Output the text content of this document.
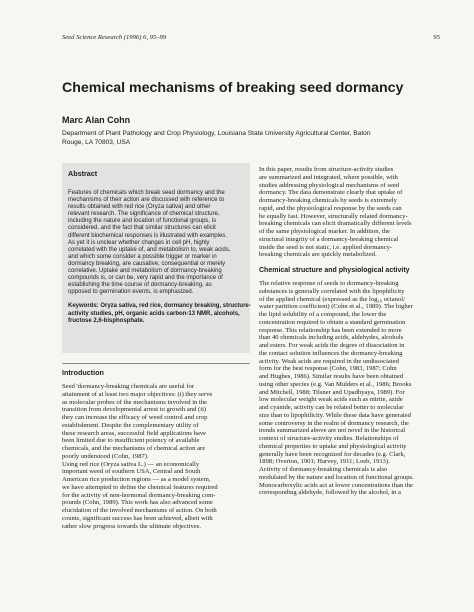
Seed Science Research (1996) 6, 95–99	95
Chemical mechanisms of breaking seed dormancy
Marc Alan Cohn
Department of Plant Pathology and Crop Physiology, Louisiana State University Agricultural Center, Baton
Rouge, LA 70803, USA
Abstract
Features of chemicals which break seed dormancy and the
mechanisms of their action are discussed with reference to
results obtained with red rice (Oryza sativa) and other
relevant research. The significance of chemical structure,
including the nature and location of functional groups, is
considered, and the fact that similar structures can elicit
different biochemical responses is illustrated with examples.
As yet it is unclear whether changes in cell pH, highly
correlated with the uptake of, and metabolism to, weak acids,
and which some consider a possible trigger or marker in
dormancy breaking, are causative, consequential or merely
correlative. Uptake and metabolism of dormancy-breaking
compounds is, or can be, very rapid and the importance of
establishing the time course of dormancy-breaking, as
opposed to germination events, is emphasized.
Keywords: Oryza sativa, red rice, dormancy breaking, structure-
activity studies, pH, organic acids carbon-13 NMR, alcohols,
fructose 2,6-bisphosphate.
Introduction
Seed 'dormancy-breaking chemicals are useful for
attainment of at least two major objectives: (i) they serve
as molecular probes of the mechanisms involved in the
transition from developmental arrest to growth and (ii)
they can increase the efficacy of weed control and crop
establishment. Despite the complementary utility of
these research areas, successful field applications have
been limited due to insufficient potency of available
chemicals, and the mechanisms of chemical action are
poorly understood (Cohn, 1987).
Using red rice (Oryza sativa L.) — an economically
important weed of southern USA, Central and South
American rice production regions — as a model system,
we have attempted to define the chemical features required
for the activity of non-hormonal dormancy-breaking com-
pounds (Cohn, 1989). This work has also advanced some
elucidation of the involved mechanisms of action. On both
counts, significant success has been achieved, albeit with
rather slow progress towards the ultimate objectives.
In this paper, results from structure-activity studies
are summarized and integrated, where possible, with
studies addressing physiological mechanisms of seed
dormancy. The data demonstrate clearly that uptake of
dormancy-breaking chemicals by seeds is extremely
rapid, and the physiological response by the seeds can
be equally fast. However, structurally related dormancy-
breaking chemicals can elicit dramatically different levels
of the same physiological marker. In addition, the
structural integrity of a dormancy-breaking chemical
inside the seed is not static, i.e. applied dormancy-
breaking chemicals are quickly metabolized.
Chemical structure and physiological activity
The relative response of seeds to dormancy-breaking
substances is generally correlated with the lipophilicity
of the applied chemical (expressed as the log₁₀ octanol/
water partition coefficient) (Cohn et al., 1989). The higher
the lipid solubility of a compound, the lower the
concentration required to obtain a standard germination
response. This relationship has been extended to more
than 40 chemicals including acids, aldehydes, alcohols
and esters. For weak acids the degree of dissociation in
the contact solution influences the dormancy-breaking
activity. Weak acids are required in the undissociated
form for the best response (Cohn, 1983, 1987; Cohn
and Hughes, 1986). Similar results have been obtained
using other species (e.g. Van Mulders et al., 1986; Brooks
and Mitchell, 1988; Tilsner and Upadhyaya, 1989). For
low molecular weight weak acids such as nitrite, azide
and cyanide, activity can be related better to molecular
size than to lipophilicity. While these data have generated
some controversy in the realm of dormancy research, the
trends summarized above are not novel in the historical
context of structure-activity studies. Relationships of
chemical properties to uptake and physiological activity
generally have been recognized for decades (e.g. Clark,
1898; Overton, 1901; Harvey, 1911; Loeb, 1913).
Activity of dormancy-breaking chemicals is also
modulated by the nature and location of functional groups.
Monocarboxylic acids act at lower concentrations than the
corresponding aldehyde, followed by the alcohol, in a
